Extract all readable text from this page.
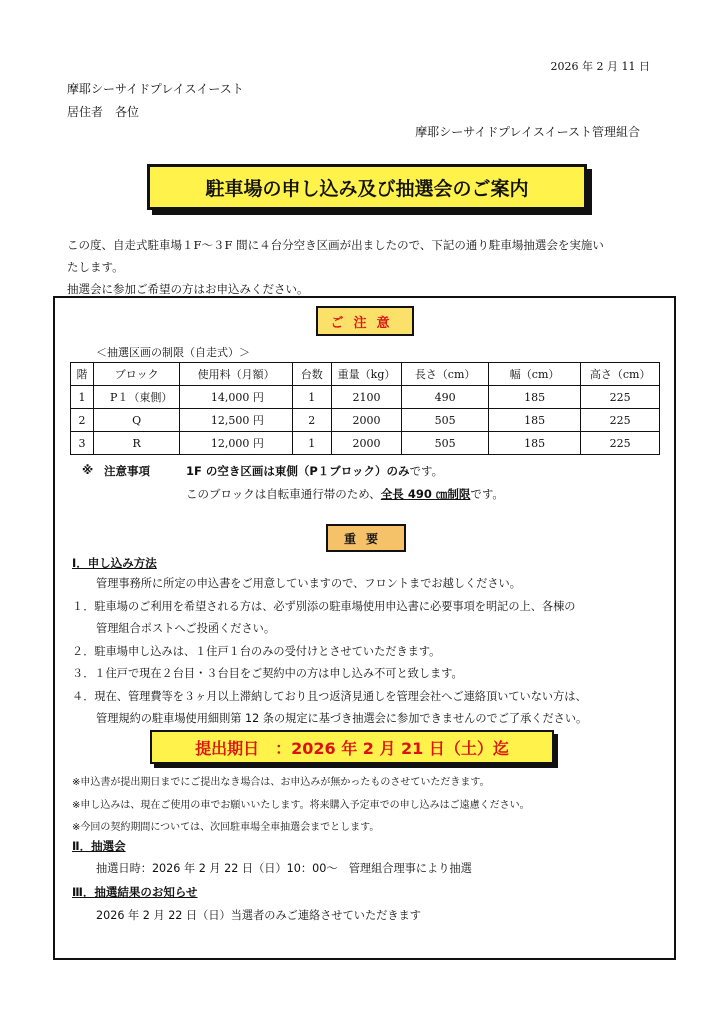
2026 年 2 月 11 日
摩耶シーサイドプレイスイースト
居住者　各位
摩耶シーサイドプレイスイースト管理組合
駐車場の申し込み及び抽選会のご案内
この度、自走式駐車場１F～３F 間に４台分空き区画が出ましたので、下記の通り駐車場抽選会を実施い
たします。
抽選会に参加ご希望の方はお申込みください。
ご注意
＜抽選区画の制限（自走式）＞
階	ブロック	使用料（月額）	台数	重量（kg）	長さ（cm）	幅（cm）	高さ（cm）
1	P１（東側）	14,000 円	1	2100	490	185	225
2	Q	12,500 円	2	2000	505	185	225
3	R	12,000 円	1	2000	505	185	225
※ 注意事項	1F の空き区画は東側（P１ブロック）のみです。
このブロックは自転車通行帯のため、全長 490 ㎝制限です。
重要
Ⅰ．申し込み方法
管理事務所に所定の申込書をご用意していますので、フロントまでお越しください。
１．駐車場のご利用を希望される方は、必ず別添の駐車場使用申込書に必要事項を明記の上、各棟の
管理組合ポストへご投函ください。
２．駐車場申し込みは、１住戸１台のみの受付けとさせていただきます。
３．１住戸で現在２台目・３台目をご契約中の方は申し込み不可と致します。
４．現在、管理費等を３ヶ月以上滞納しており且つ返済見通しを管理会社へご連絡頂いていない方は、
管理規約の駐車場使用細則第 12 条の規定に基づき抽選会に参加できませんのでご了承ください。
提出期日　：2026 年 2 月 21 日（土）迄
※申込書が提出期日までにご提出なき場合は、お申込みが無かったものさせていただきます。
※申し込みは、現在ご使用の車でお願いいたします。将来購入予定車での申し込みはご遠慮ください。
※今回の契約期間については、次回駐車場全車抽選会までとします。
Ⅱ．抽選会
抽選日時：2026 年 2 月 22 日（日）10：00～　管理組合理事により抽選
Ⅲ．抽選結果のお知らせ
2026 年 2 月 22 日（日）当選者のみご連絡させていただきます
